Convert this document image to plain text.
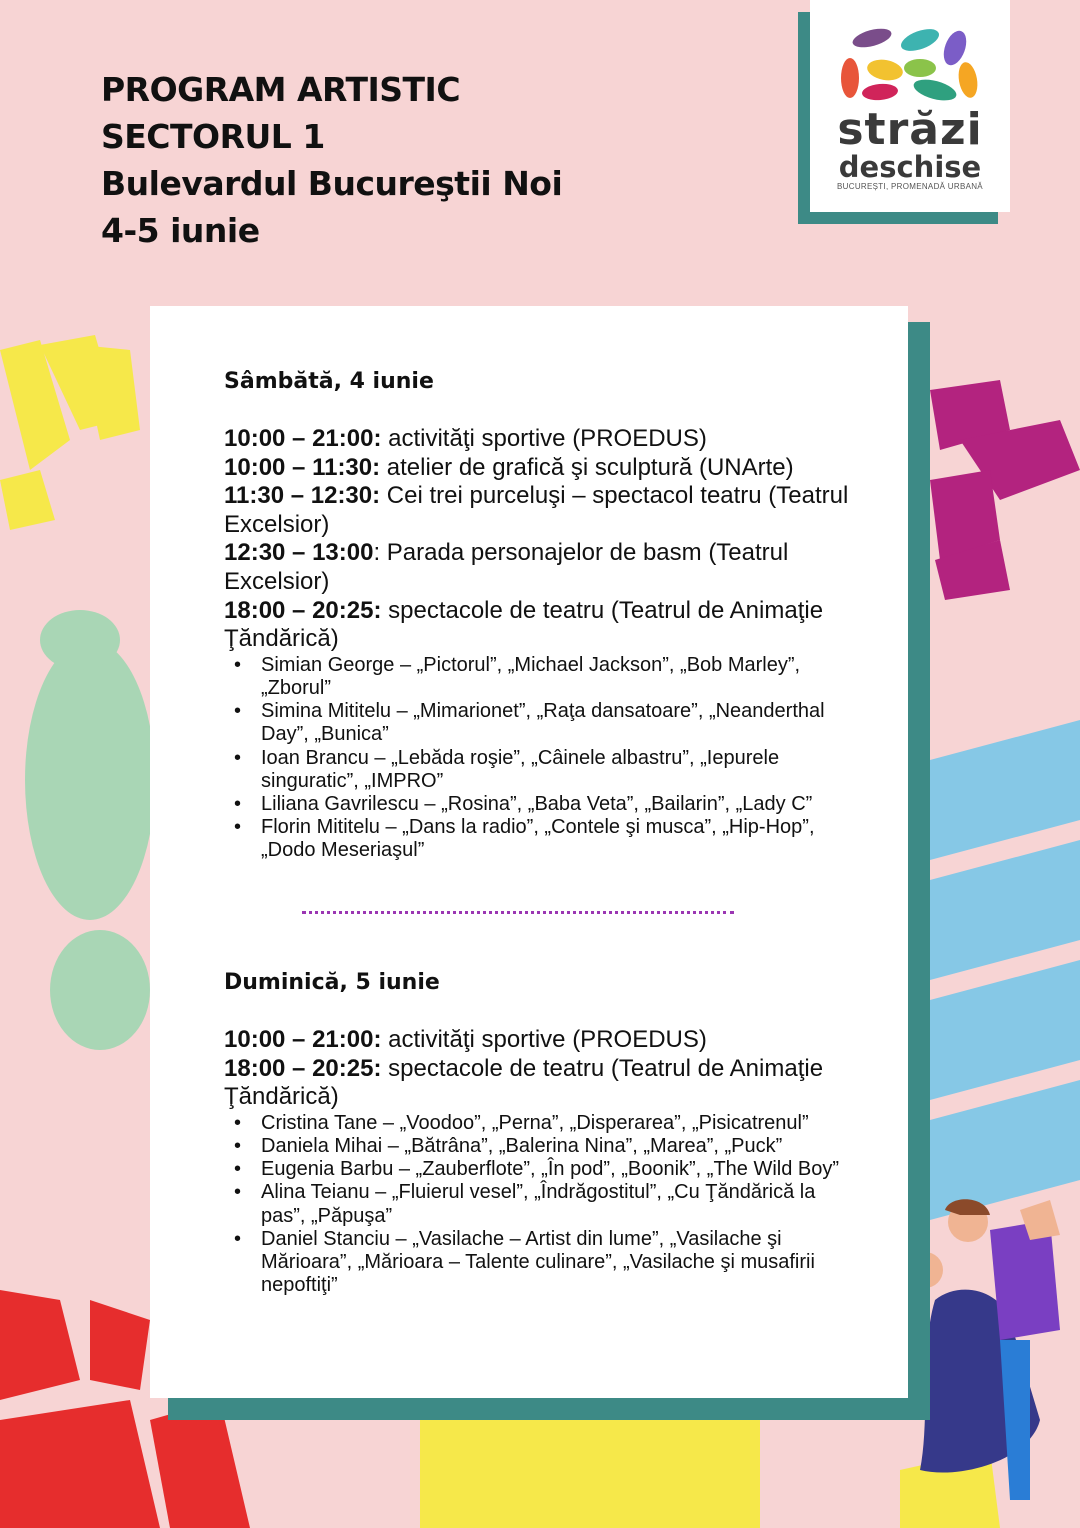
PROGRAM ARTISTIC
SECTORUL 1
Bulevardul Bucureştii Noi
4-5 iunie
străzi
deschise
BUCUREȘTI, PROMENADĂ URBANĂ
Sâmbătă, 4 iunie

10:00 – 21:00: activităţi sportive (PROEDUS)

10:00 – 11:30: atelier de grafică şi sculptură (UNArte)

11:30 – 12:30: Cei trei purceluşi – spectacol teatru (Teatrul Excelsior)

12:30 – 13:00: Parada personajelor de basm (Teatrul Excelsior)

18:00 – 20:25: spectacole de teatru (Teatrul de Animaţie Ţăndărică)

• Simian George – „Pictorul”, „Michael Jackson”, „Bob Marley”, „Zborul”
• Simina Mititelu – „Mimarionet”, „Raţa dansatoare”, „Neanderthal Day”, „Bunica”
• Ioan Brancu – „Lebăda roşie”, „Câinele albastru”, „Iepurele singuratic”, „IMPRO”
• Liliana Gavrilescu – „Rosina”, „Baba Veta”, „Bailarin”, „Lady C”
• Florin Mititelu – „Dans la radio”, „Contele şi musca”, „Hip-Hop”, „Dodo Meseriaşul”
Duminică, 5 iunie

10:00 – 21:00: activităţi sportive (PROEDUS)

18:00 – 20:25: spectacole de teatru (Teatrul de Animaţie Ţăndărică)

• Cristina Tane – „Voodoo”, „Perna”, „Disperarea”, „Pisicatrenul”
• Daniela Mihai – „Bătrâna”, „Balerina Nina”, „Marea”, „Puck”
• Eugenia Barbu – „Zauberflote”, „În pod”, „Boonik”, „The Wild Boy”
• Alina Teianu – „Fluierul vesel”, „Îndrăgostitul”, „Cu Ţăndărică la pas”, „Păpuşa”
• Daniel Stanciu – „Vasilache – Artist din lume”, „Vasilache şi Mărioara”, „Mărioara – Talente culinare”, „Vasilache şi musafirii nepoftiţi”
